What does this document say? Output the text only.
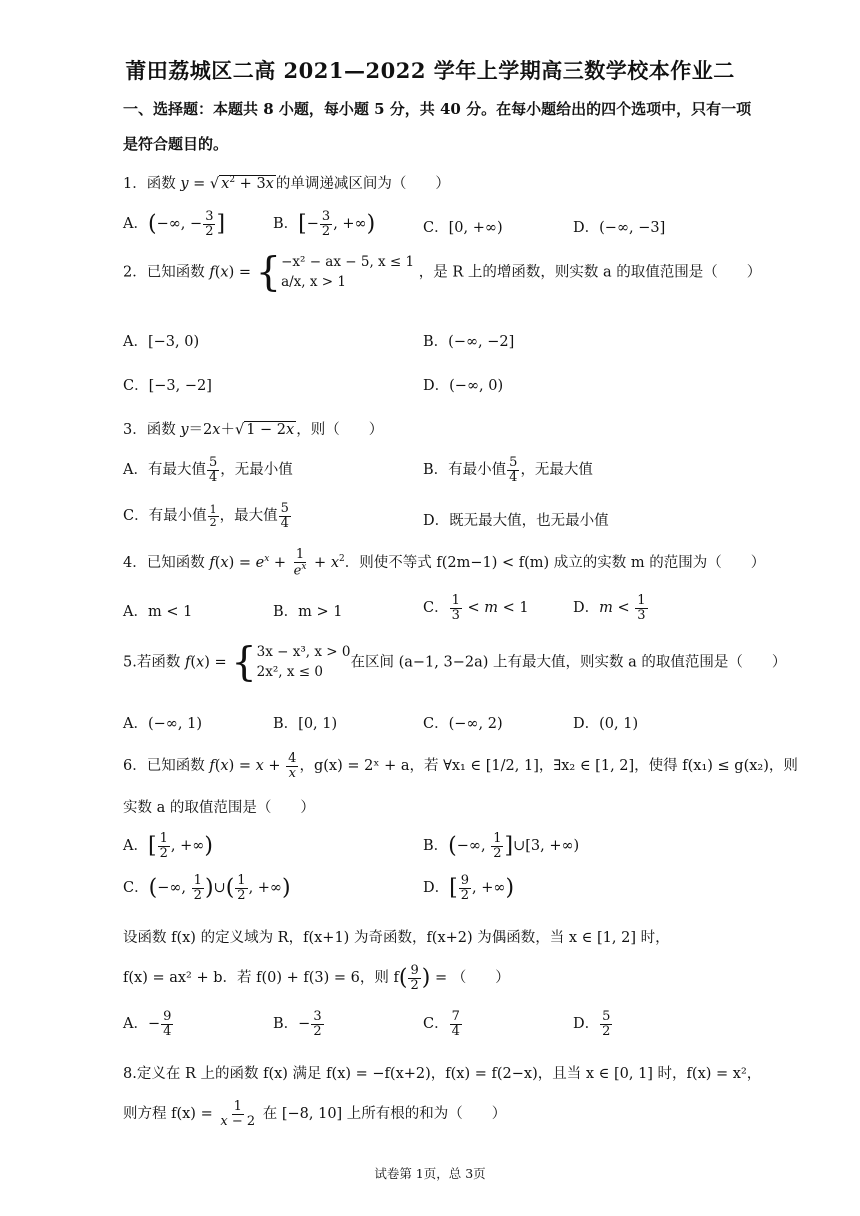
莆田荔城区二高 2021—2022 学年上学期高三数学校本作业二
一、选择题：本题共 8 小题，每小题 5 分，共 40 分。在每小题给出的四个选项中，只有一项
是符合题目的。
1．函数 y = √ $x^2 + 3x$ 的单调递减区间为（　　）
A．(−∞, − $\frac{3}{2}$ ]	B．[− $\frac{3}{2}$ , +∞)	C．[0, +∞)	D．(−∞, −3]
2．已知函数 f(x) = {−x² − ax − 5, x ≤ 1
a/x, x > 1 ，是 R 上的增函数，则实数 a 的取值范围是（　　）
A．[−3, 0)	B．(−∞, −2]
C．[−3, −2]	D．(−∞, 0)
3．函数 y＝2x＋√ 1 − 2x ，则（　　）
A．有最大值 $\frac{5}{4}$ ，无最小值	B．有最小值 $\frac{5}{4}$ ，无最大值
C．有最小值 $\frac{1}{2}$ ，最大值 $\frac{5}{4}$	D．既无最大值，也无最小值
4．已知函数 $f(x) = e^x + \frac{1}{e^x} + x^2$．则使不等式 f(2m−1) < f(m) 成立的实数 m 的范围为（　　）
A．m < 1	B．m > 1	C． $\frac{1}{3} < m < 1$	D．$m < \frac{1}{3}$
5.若函数 f(x) = {3x − x³, x > 0
2x², x ≤ 0在区间 (a−1, 3−2a) 上有最大值，则实数 a 的取值范围是（　　）
A．(−∞, 1)	B．[0, 1)	C．(−∞, 2)	D．(0, 1)
6．已知函数 $f(x) = x + \frac{4}{x}$ ，g(x) = 2ˣ + a，若 ∀x₁ ∈ [1/2, 1]，∃x₂ ∈ [1, 2]，使得 f(x₁) ≤ g(x₂)，则
实数 a 的取值范围是（　　）
A．[ $\frac{1}{2}$ , +∞)	B．(−∞, $\frac{1}{2}$ ]∪[3, +∞)
C．(−∞, $\frac{1}{2}$ )∪( $\frac{1}{2}$ , +∞)	D．[ $\frac{9}{2}$ , +∞)
设函数 f(x) 的定义域为 R，f(x+1) 为奇函数，f(x+2) 为偶函数，当 x ∈ [1, 2] 时，
f(x) = ax² + b．若 f(0) + f(3) = 6，则 $f( \frac{9}{2}$ ) = （　　）
A．− $\frac{9}{4}$	B．− $\frac{3}{2}$	C． $\frac{7}{4}$	D． $\frac{5}{2}$
8.定义在 R 上的函数 f(x) 满足 f(x) = −f(x+2)，f(x) = f(2−x)，且当 x ∈ [0, 1] 时，f(x) = x²，
则方程 $f(x) = \frac{1}{x - 2}$ 在 [−8, 10] 上所有根的和为（　　）
试卷第 1页，总 3页
